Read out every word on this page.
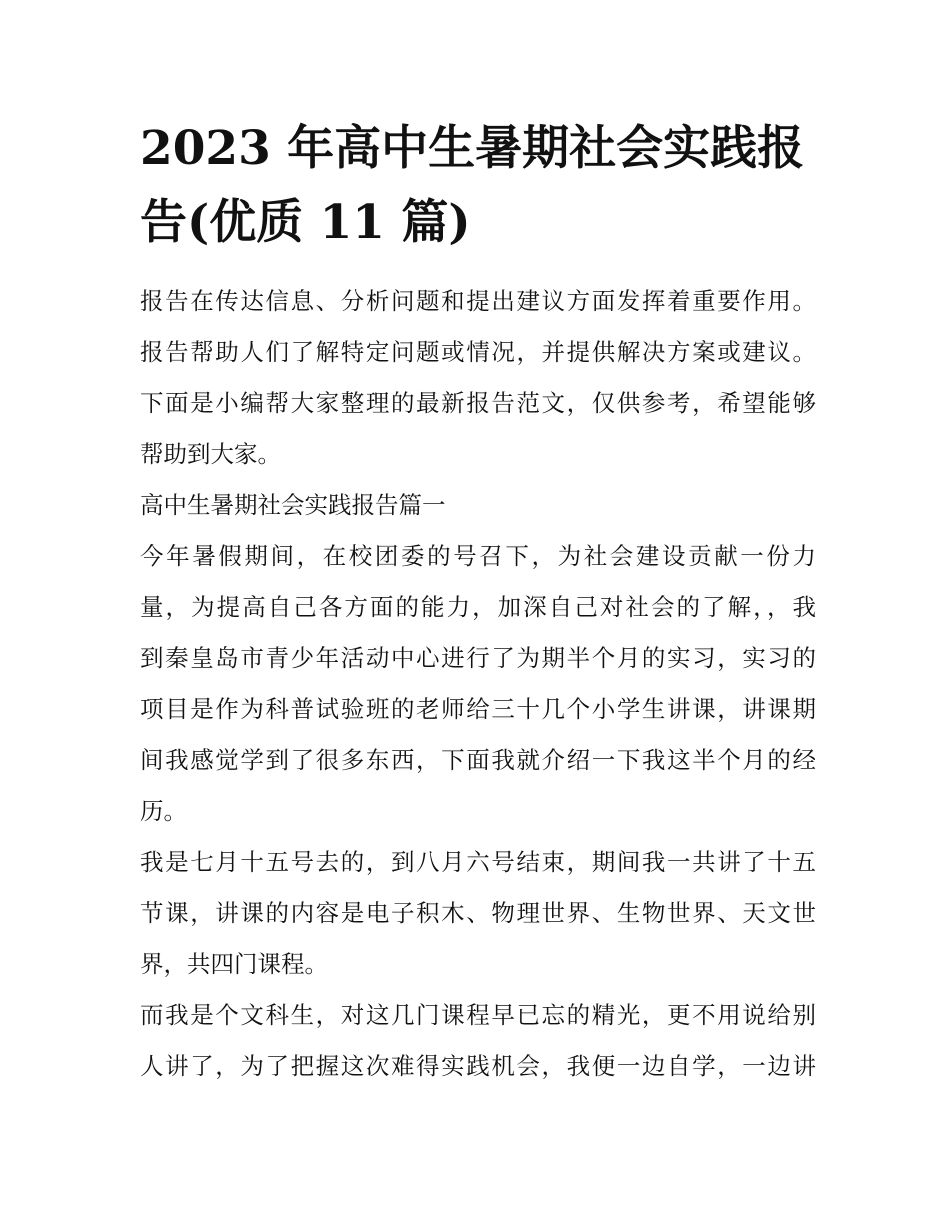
2023 年高中生暑期社会实践报
告(优质 11 篇)

报告在传达信息、分析问题和提出建议方面发挥着重要作用。
报告帮助人们了解特定问题或情况，并提供解决方案或建议。
下面是小编帮大家整理的最新报告范文，仅供参考，希望能够
帮助到大家。

高中生暑期社会实践报告篇一

今年暑假期间，在校团委的号召下，为社会建设贡献一份力
量，为提高自己各方面的能力，加深自己对社会的了解，，我
到秦皇岛市青少年活动中心进行了为期半个月的实习，实习的
项目是作为科普试验班的老师给三十几个小学生讲课，讲课期
间我感觉学到了很多东西，下面我就介绍一下我这半个月的经
历。

我是七月十五号去的，到八月六号结束，期间我一共讲了十五
节课，讲课的内容是电子积木、物理世界、生物世界、天文世
界，共四门课程。

而我是个文科生，对这几门课程早已忘的精光，更不用说给别
人讲了，为了把握这次难得实践机会，我便一边自学，一边讲
